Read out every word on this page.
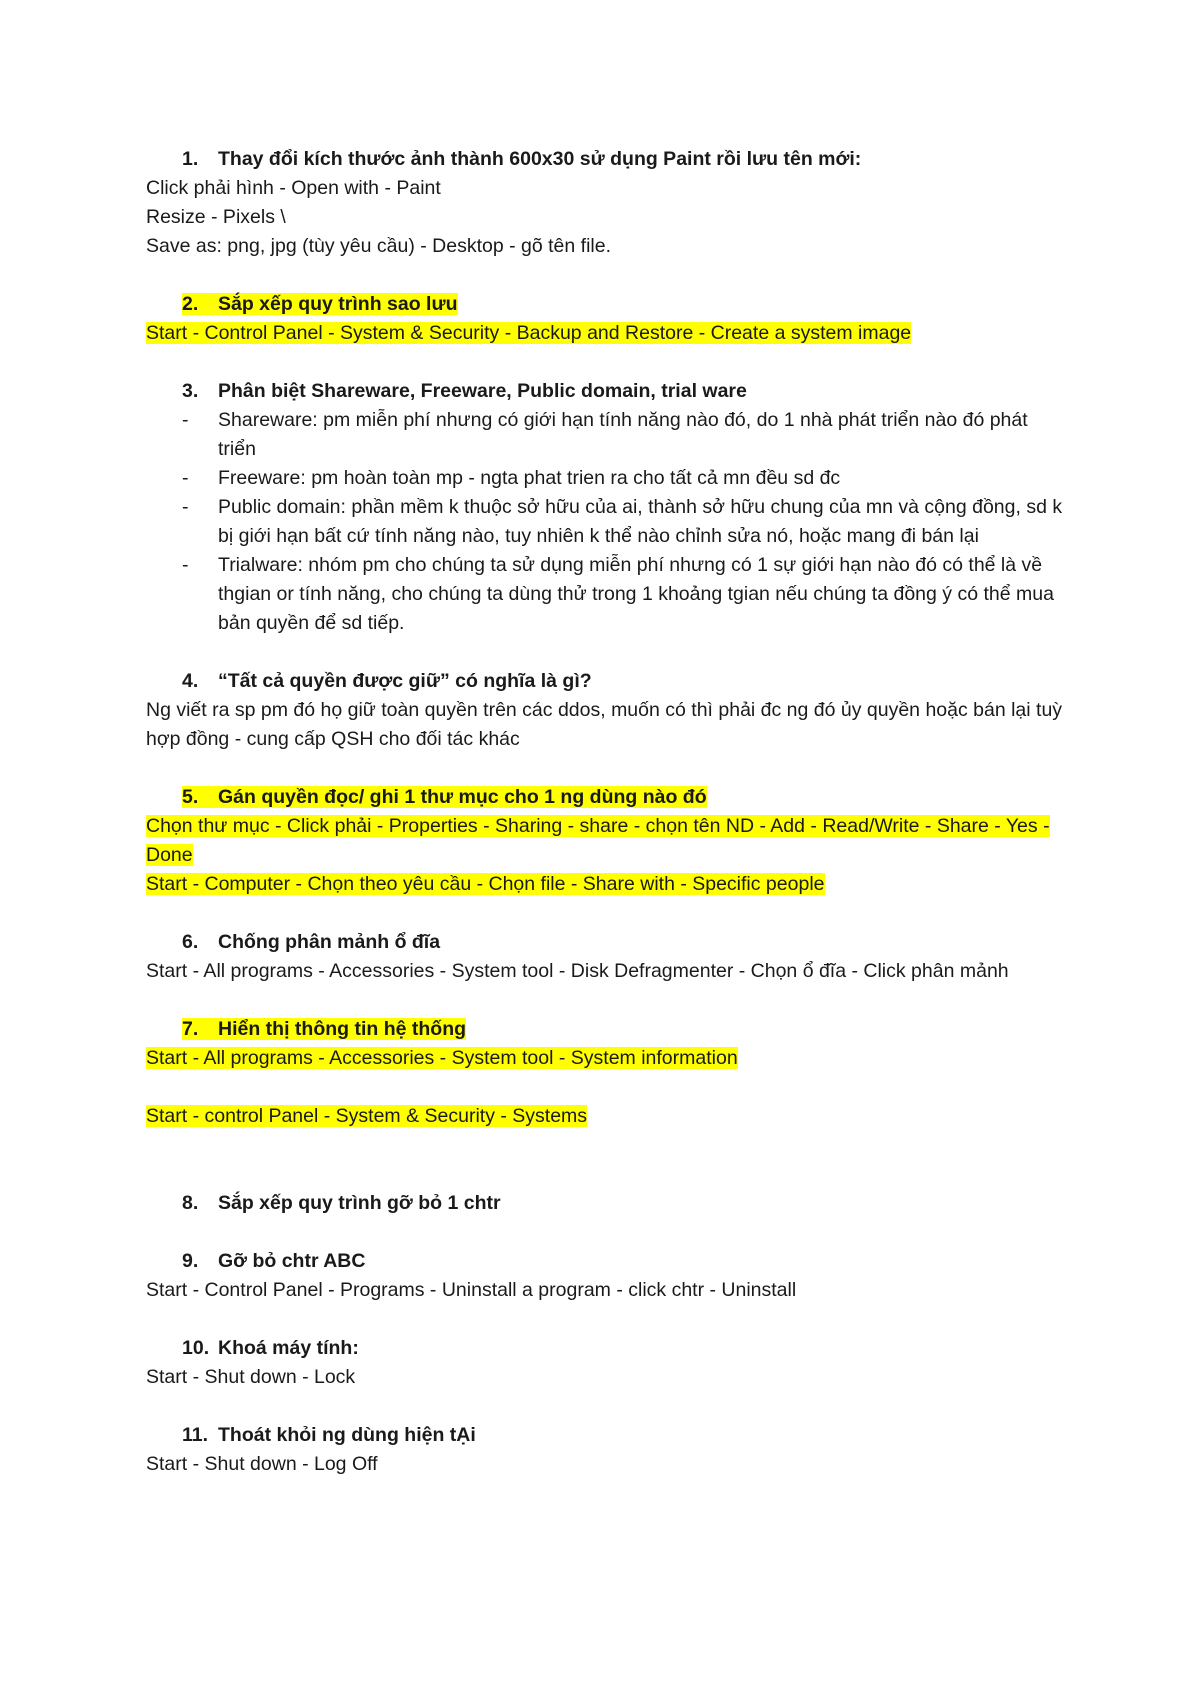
1. Thay đổi kích thước ảnh thành 600x30 sử dụng Paint rồi lưu tên mới:
Click phải hình - Open with - Paint
Resize - Pixels \
Save as: png, jpg (tùy yêu cầu) - Desktop - gõ tên file.
2. Sắp xếp quy trình sao lưu
Start - Control Panel - System & Security - Backup and Restore - Create a system image
3. Phân biệt Shareware, Freeware, Public domain, trial ware
- Shareware: pm miễn phí nhưng có giới hạn tính năng nào đó, do 1 nhà phát triển nào đó phát triển
- Freeware: pm hoàn toàn mp - ngta phat trien ra cho tất cả mn đều sd đc
- Public domain: phần mềm k thuộc sở hữu của ai, thành sở hữu chung của mn và cộng đồng, sd k bị giới hạn bất cứ tính năng nào, tuy nhiên k thể nào chỉnh sửa nó, hoặc mang đi bán lại
- Trialware: nhóm pm cho chúng ta sử dụng miễn phí nhưng có 1 sự giới hạn nào đó có thể là về thgian or tính năng, cho chúng ta dùng thử trong 1 khoảng tgian nếu chúng ta đồng ý có thể mua bản quyền để sd tiếp.
4. “Tất cả quyền được giữ” có nghĩa là gì?
Ng viết ra sp pm đó họ giữ toàn quyền trên các ddos, muốn có thì phải đc ng đó ủy quyền hoặc bán lại tuỳ hợp đồng - cung cấp QSH cho đối tác khác
5. Gán quyền đọc/ ghi 1 thư mục cho 1 ng dùng nào đó
Chọn thư mục - Click phải - Properties - Sharing - share - chọn tên ND - Add - Read/Write - Share - Yes - Done
Start - Computer - Chọn theo yêu cầu - Chọn file - Share with - Specific people
6. Chống phân mảnh ổ đĩa
Start - All programs - Accessories - System tool - Disk Defragmenter - Chọn ổ đĩa - Click phân mảnh
7. Hiển thị thông tin hệ thống
Start - All programs - Accessories - System tool - System information
Start - control Panel - System & Security - Systems
8. Sắp xếp quy trình gỡ bỏ 1 chtr
9. Gỡ bỏ chtr ABC
Start - Control Panel - Programs - Uninstall a program - click chtr - Uninstall
10. Khoá máy tính:
Start - Shut down - Lock
11. Thoát khỏi ng dùng hiện tẠi
Start - Shut down - Log Off
